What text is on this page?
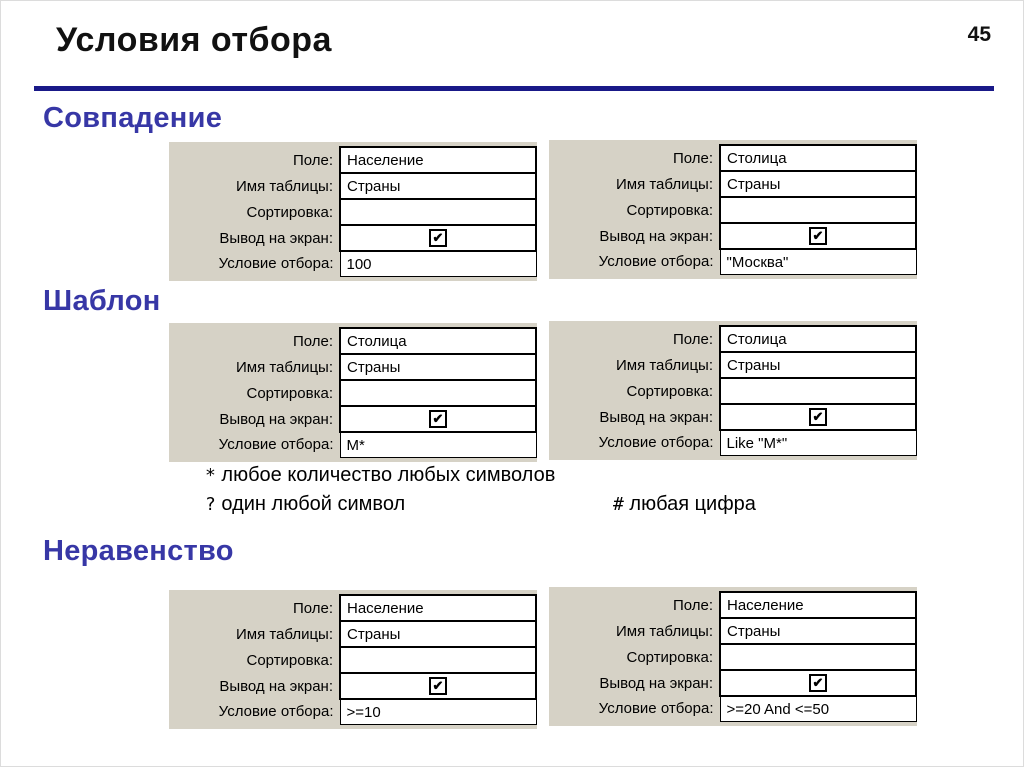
Условия отбора	45
Совпадение
Поле:	Население
Имя таблицы:	Страны
Сортировка:	
Вывод на экран:	✔
Условие отбора:	100
Поле:	Столица
Имя таблицы:	Страны
Сортировка:	
Вывод на экран:	✔
Условие отбора:	"Москва"
Шаблон
Поле:	Столица
Имя таблицы:	Страны
Сортировка:	
Вывод на экран:	✔
Условие отбора:	М*
Поле:	Столица
Имя таблицы:	Страны
Сортировка:	
Вывод на экран:	✔
Условие отбора:	Like "М*"
* любое количество любых символов
? один любой символ	# любая цифра
Неравенство
Поле:	Население
Имя таблицы:	Страны
Сортировка:	
Вывод на экран:	✔
Условие отбора:	>=10
Поле:	Население
Имя таблицы:	Страны
Сортировка:	
Вывод на экран:	✔
Условие отбора:	>=20 And <=50
